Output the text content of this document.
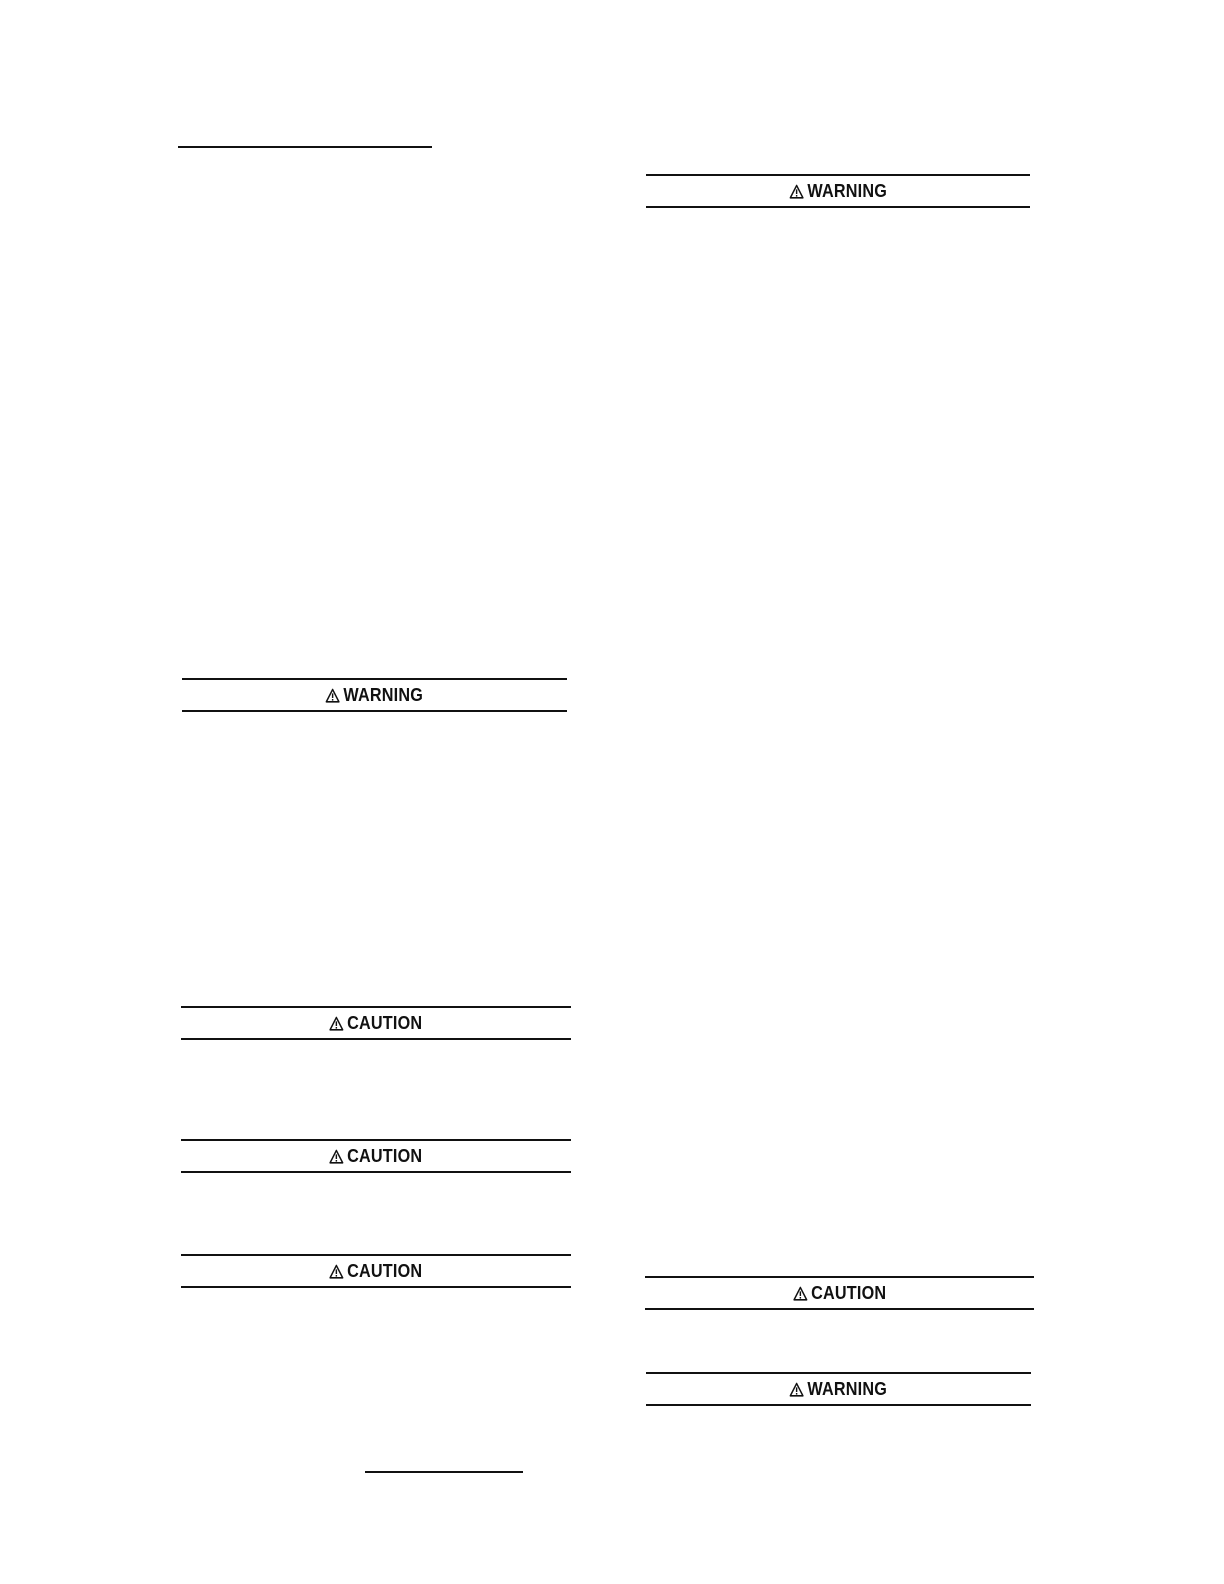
WARNING
WARNING
CAUTION
CAUTION
CAUTION
CAUTION
WARNING
